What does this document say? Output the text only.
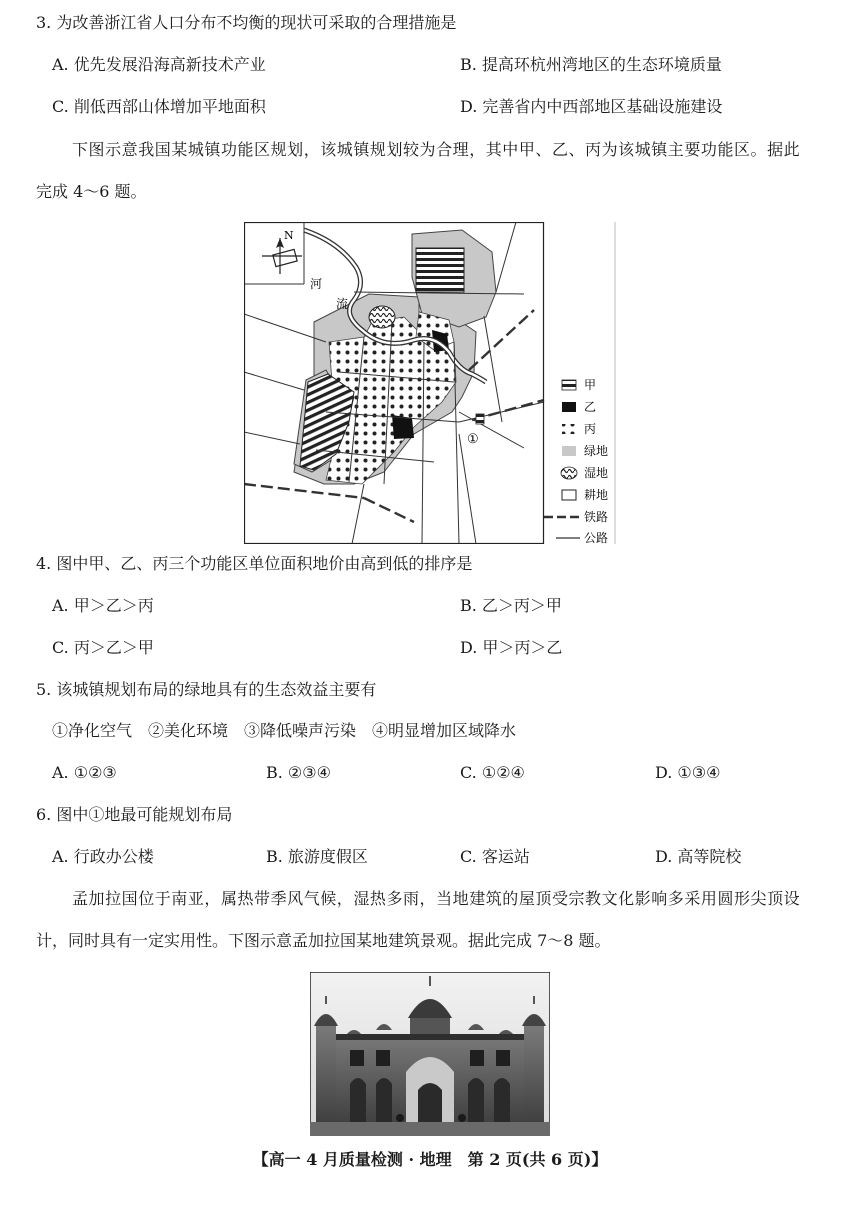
3. 为改善浙江省人口分布不均衡的现状可采取的合理措施是
A. 优先发展沿海高新技术产业	B. 提高环杭州湾地区的生态环境质量
C. 削低西部山体增加平地面积	D. 完善省内中西部地区基础设施建设
下图示意我国某城镇功能区规划，该城镇规划较为合理，其中甲、乙、丙为该城镇主要功能区。据此
完成 4～6 题。
N
河
流
①
甲
乙
丙
绿地
湿地
耕地
铁路
公路
4. 图中甲、乙、丙三个功能区单位面积地价由高到低的排序是
A. 甲＞乙＞丙	B. 乙＞丙＞甲
C. 丙＞乙＞甲	D. 甲＞丙＞乙
5. 该城镇规划布局的绿地具有的生态效益主要有
①净化空气　②美化环境　③降低噪声污染　④明显增加区域降水
A. ①②③	B. ②③④	C. ①②④	D. ①③④
6. 图中①地最可能规划布局
A. 行政办公楼	B. 旅游度假区	C. 客运站	D. 高等院校
孟加拉国位于南亚，属热带季风气候，湿热多雨，当地建筑的屋顶受宗教文化影响多采用圆形尖顶设
计，同时具有一定实用性。下图示意孟加拉国某地建筑景观。据此完成 7～8 题。
【高一 4 月质量检测 · 地理　第 2 页(共 6 页)】
